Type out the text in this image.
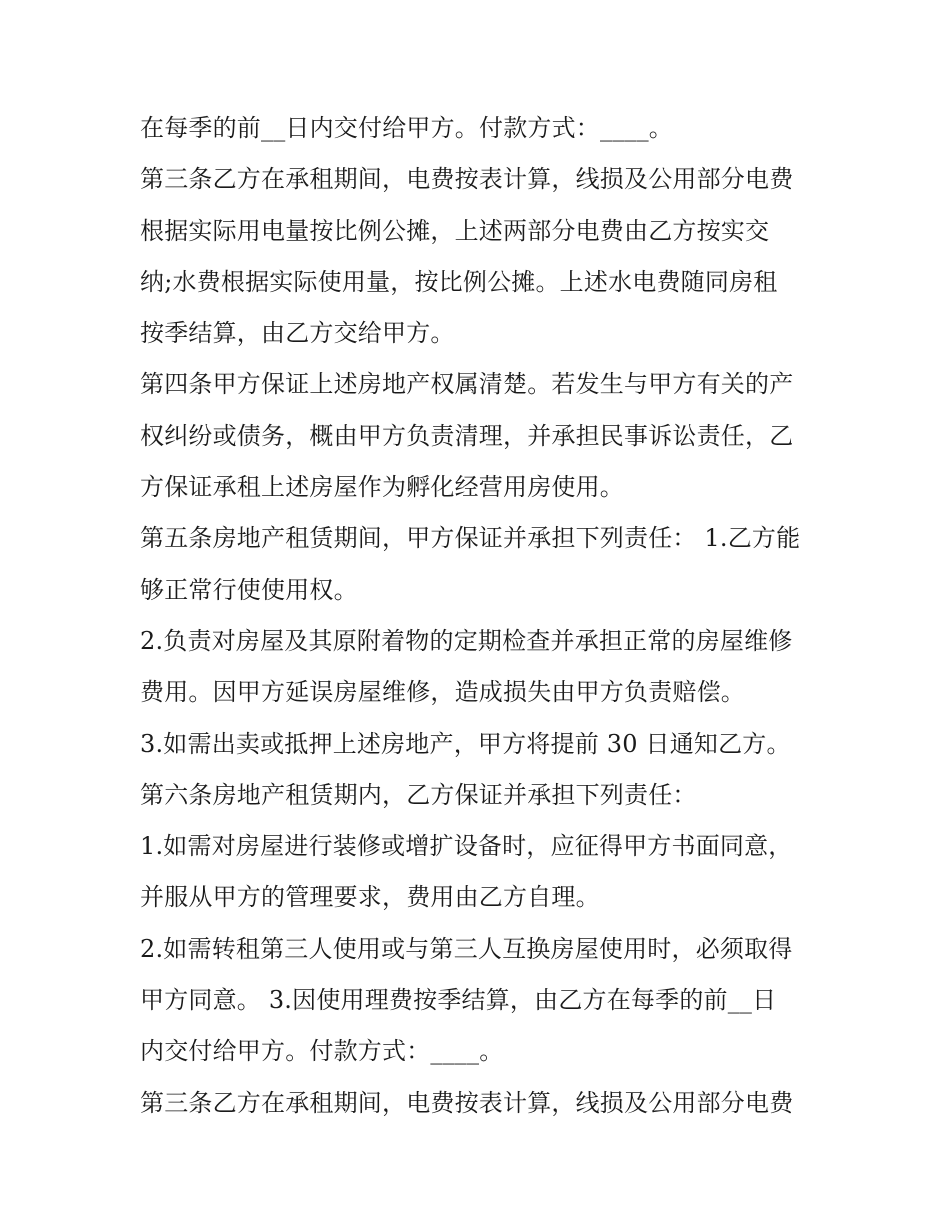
在每季的前__日内交付给甲方。付款方式：____。
第三条乙方在承租期间，电费按表计算，线损及公用部分电费
根据实际用电量按比例公摊，上述两部分电费由乙方按实交
纳;水费根据实际使用量，按比例公摊。上述水电费随同房租
按季结算，由乙方交给甲方。
第四条甲方保证上述房地产权属清楚。若发生与甲方有关的产
权纠纷或债务，概由甲方负责清理，并承担民事诉讼责任，乙
方保证承租上述房屋作为孵化经营用房使用。
第五条房地产租赁期间，甲方保证并承担下列责任： 1.乙方能
够正常行使使用权。
2.负责对房屋及其原附着物的定期检查并承担正常的房屋维修
费用。因甲方延误房屋维修，造成损失由甲方负责赔偿。
3.如需出卖或抵押上述房地产，甲方将提前 30 日通知乙方。
第六条房地产租赁期内，乙方保证并承担下列责任：
1.如需对房屋进行装修或增扩设备时，应征得甲方书面同意，
并服从甲方的管理要求，费用由乙方自理。
2.如需转租第三人使用或与第三人互换房屋使用时，必须取得
甲方同意。 3.因使用理费按季结算，由乙方在每季的前__日
内交付给甲方。付款方式：____。
第三条乙方在承租期间，电费按表计算，线损及公用部分电费
